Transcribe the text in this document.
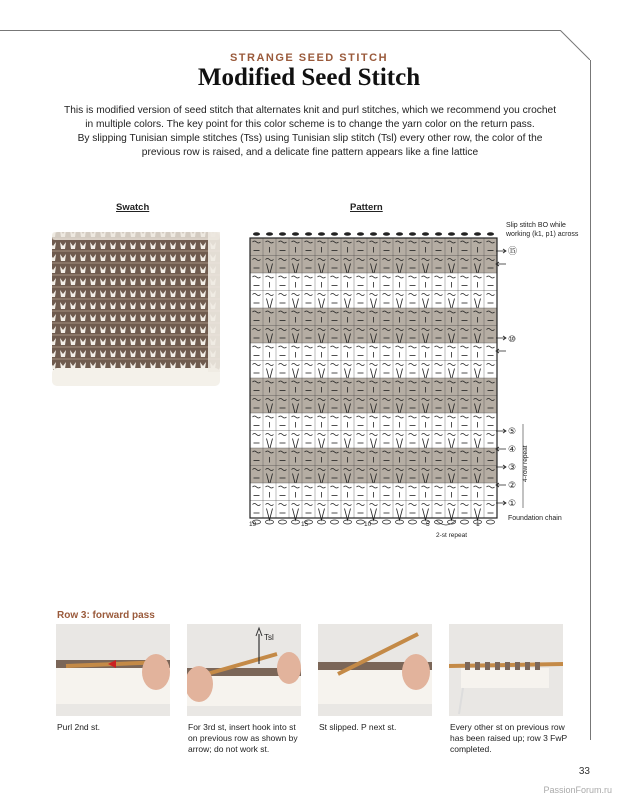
STRANGE SEED STITCH
Modified Seed Stitch
This is modified version of seed stitch that alternates knit and purl stitches, which we recommend you crochet
in multiple colors. The key point for this color scheme is to change the yarn color on the return pass.
By slipping Tunisian simple stitches (Tss) using Tunisian slip stitch (Tsl) every other row, the color of the
previous row is raised, and a delicate fine pattern appears like a fine lattice
Swatch	Pattern
Slip stitch BO while
working (k1, p1) across
⑮
⑩
⑤
④
③
②
①
4-row repeat
Foundation chain
19	15	10	5	1
2-st repeat
Row 3: forward pass
Tsl
Purl 2nd st.	For 3rd st, insert hook into st
on previous row as shown by
arrow; do not work st.
St slipped. P next st.	Every other st on previous row
has been raised up; row 3 FwP
completed.
33
PassionForum.ru
